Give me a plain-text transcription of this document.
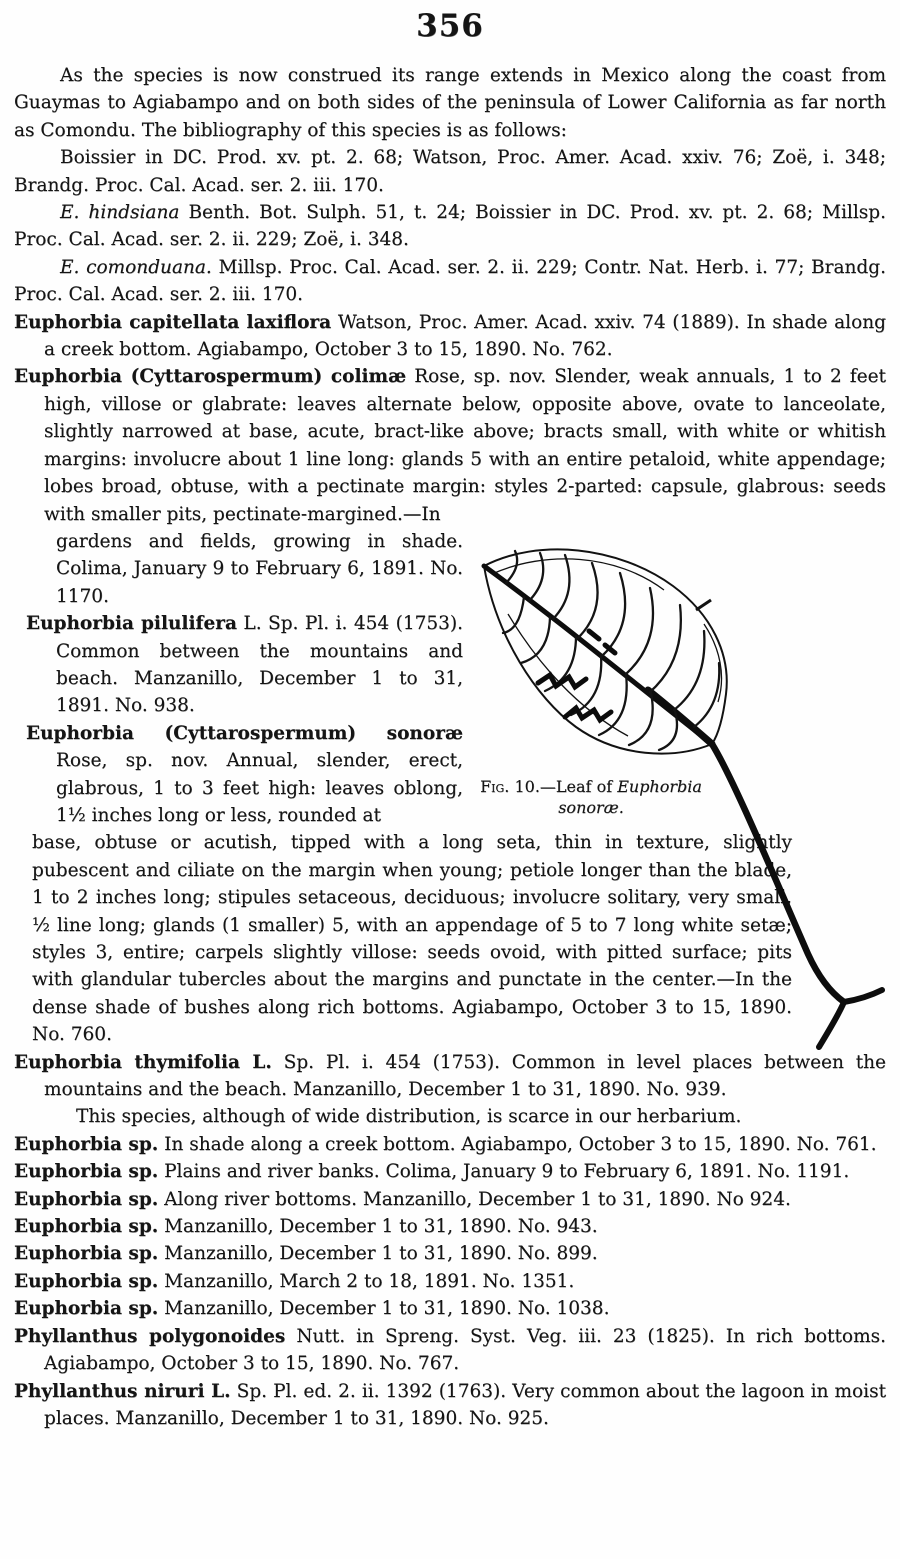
356

As the species is now construed its range extends in Mexico along the coast from Guaymas to Agiabampo and on both sides of the peninsula of Lower California as far north as Comondu. The bibliography of this species is as follows:

Boissier in DC. Prod. xv. pt. 2. 68; Watson, Proc. Amer. Acad. xxiv. 76; Zoë, i. 348; Brandg. Proc. Cal. Acad. ser. 2. iii. 170.

E. hindsiana Benth. Bot. Sulph. 51, t. 24; Boissier in DC. Prod. xv. pt. 2. 68; Millsp. Proc. Cal. Acad. ser. 2. ii. 229; Zoë, i. 348.

E. comonduana. Millsp. Proc. Cal. Acad. ser. 2. ii. 229; Contr. Nat. Herb. i. 77; Brandg. Proc. Cal. Acad. ser. 2. iii. 170.

Euphorbia capitellata laxiflora Watson, Proc. Amer. Acad. xxiv. 74 (1889). In shade along a creek bottom. Agiabampo, October 3 to 15, 1890. No. 762.

Euphorbia (Cyttarospermum) colimæ Rose, sp. nov. Slender, weak annuals, 1 to 2 feet high, villose or glabrate: leaves alternate below, opposite above, ovate to lanceolate, slightly narrowed at base, acute, bract-like above; bracts small, with white or whitish margins: involucre about 1 line long: glands 5 with an entire petaloid, white appendage; lobes broad, obtuse, with a pectinate margin: styles 2-parted: capsule, glabrous: seeds with smaller pits, pectinate-margined.—In

gardens and fields, growing in shade. Colima, January 9 to February 6, 1891. No. 1170.

Euphorbia pilulifera L. Sp. Pl. i. 454 (1753). Common between the mountains and beach. Manzanillo, December 1 to 31, 1891. No. 938.

Euphorbia (Cyttarospermum) sonoræ Rose, sp. nov. Annual, slender, erect, glabrous, 1 to 3 feet high: leaves oblong, 1½ inches long or less, rounded at

base, obtuse or acutish, tipped with a long seta, thin in texture, slightly pubescent and ciliate on the margin when young; petiole longer than the blade, 1 to 2 inches long; stipules setaceous, deciduous; involucre solitary, very small, ½ line long; glands (1 smaller) 5, with an appendage of 5 to 7 long white setæ; styles 3, entire; carpels slightly villose: seeds ovoid, with pitted surface; pits with glandular tubercles about the margins and punctate in the center.—In the dense shade of bushes along rich bottoms. Agiabampo, October 3 to 15, 1890. No. 760.

Euphorbia thymifolia L. Sp. Pl. i. 454 (1753). Common in level places between the mountains and the beach. Manzanillo, December 1 to 31, 1890. No. 939.

This species, although of wide distribution, is scarce in our herbarium.

Euphorbia sp. In shade along a creek bottom. Agiabampo, October 3 to 15, 1890. No. 761.

Euphorbia sp. Plains and river banks. Colima, January 9 to February 6, 1891. No. 1191.

Euphorbia sp. Along river bottoms. Manzanillo, December 1 to 31, 1890. No 924.

Euphorbia sp. Manzanillo, December 1 to 31, 1890. No. 943.

Euphorbia sp. Manzanillo, December 1 to 31, 1890. No. 899.

Euphorbia sp. Manzanillo, March 2 to 18, 1891. No. 1351.

Euphorbia sp. Manzanillo, December 1 to 31, 1890. No. 1038.

Phyllanthus polygonoides Nutt. in Spreng. Syst. Veg. iii. 23 (1825). In rich bottoms. Agiabampo, October 3 to 15, 1890. No. 767.

Phyllanthus niruri L. Sp. Pl. ed. 2. ii. 1392 (1763). Very common about the lagoon in moist places. Manzanillo, December 1 to 31, 1890. No. 925.

Fig. 10.—Leaf of Euphorbia sonoræ.
